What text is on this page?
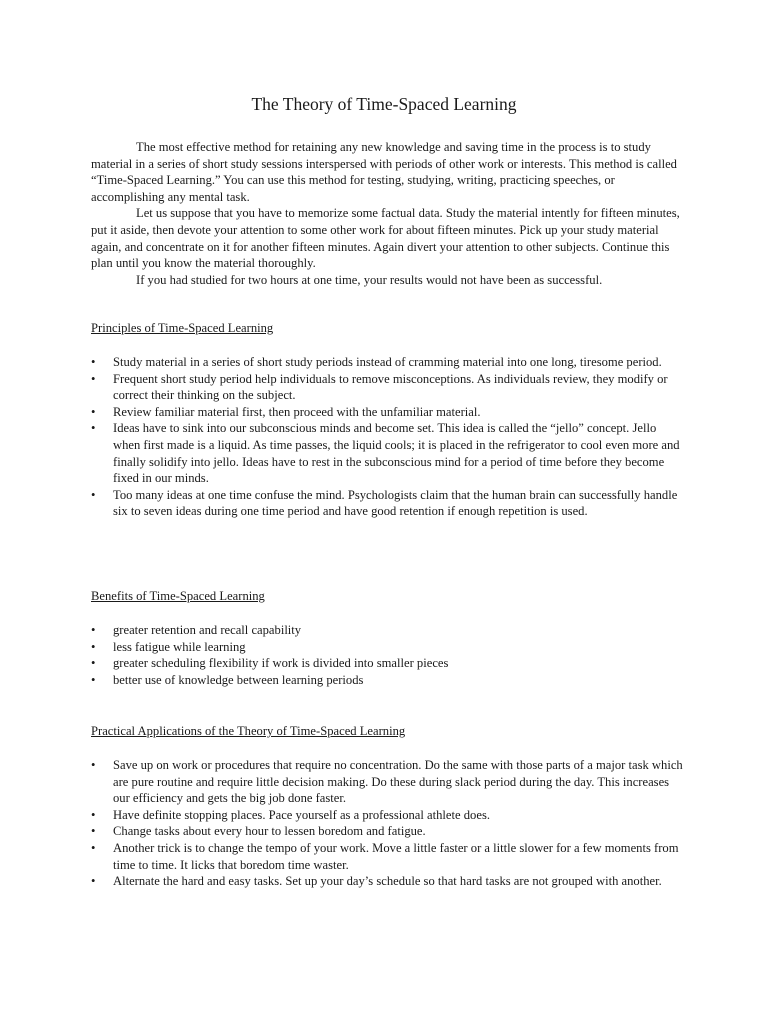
The Theory of Time-Spaced Learning

The most effective method for retaining any new knowledge and saving time in the process is to study material in a series of short study sessions interspersed with periods of other work or interests. This method is called “Time-Spaced Learning.” You can use this method for testing, studying, writing, practicing speeches, or accomplishing any mental task.

Let us suppose that you have to memorize some factual data. Study the material intently for fifteen minutes, put it aside, then devote your attention to some other work for about fifteen minutes. Pick up your study material again, and concentrate on it for another fifteen minutes. Again divert your attention to other subjects. Continue this plan until you know the material thoroughly.

If you had studied for two hours at one time, your results would not have been as successful.

Principles of Time-Spaced Learning
• Study material in a series of short study periods instead of cramming material into one long, tiresome period.
• Frequent short study period help individuals to remove misconceptions. As individuals review, they modify or correct their thinking on the subject.
• Review familiar material first, then proceed with the unfamiliar material.
• Ideas have to sink into our subconscious minds and become set. This idea is called the “jello” concept. Jello when first made is a liquid. As time passes, the liquid cools; it is placed in the refrigerator to cool even more and finally solidify into jello. Ideas have to rest in the subconscious mind for a period of time before they become fixed in our minds.
• Too many ideas at one time confuse the mind. Psychologists claim that the human brain can successfully handle six to seven ideas during one time period and have good retention if enough repetition is used.
Benefits of Time-Spaced Learning
• greater retention and recall capability
• less fatigue while learning
• greater scheduling flexibility if work is divided into smaller pieces
• better use of knowledge between learning periods
Practical Applications of the Theory of Time-Spaced Learning
• Save up on work or procedures that require no concentration. Do the same with those parts of a major task which are pure routine and require little decision making. Do these during slack period during the day. This increases our efficiency and gets the big job done faster.
• Have definite stopping places. Pace yourself as a professional athlete does.
• Change tasks about every hour to lessen boredom and fatigue.
• Another trick is to change the tempo of your work. Move a little faster or a little slower for a few moments from time to time. It licks that boredom time waster.
• Alternate the hard and easy tasks. Set up your day’s schedule so that hard tasks are not grouped with another.
